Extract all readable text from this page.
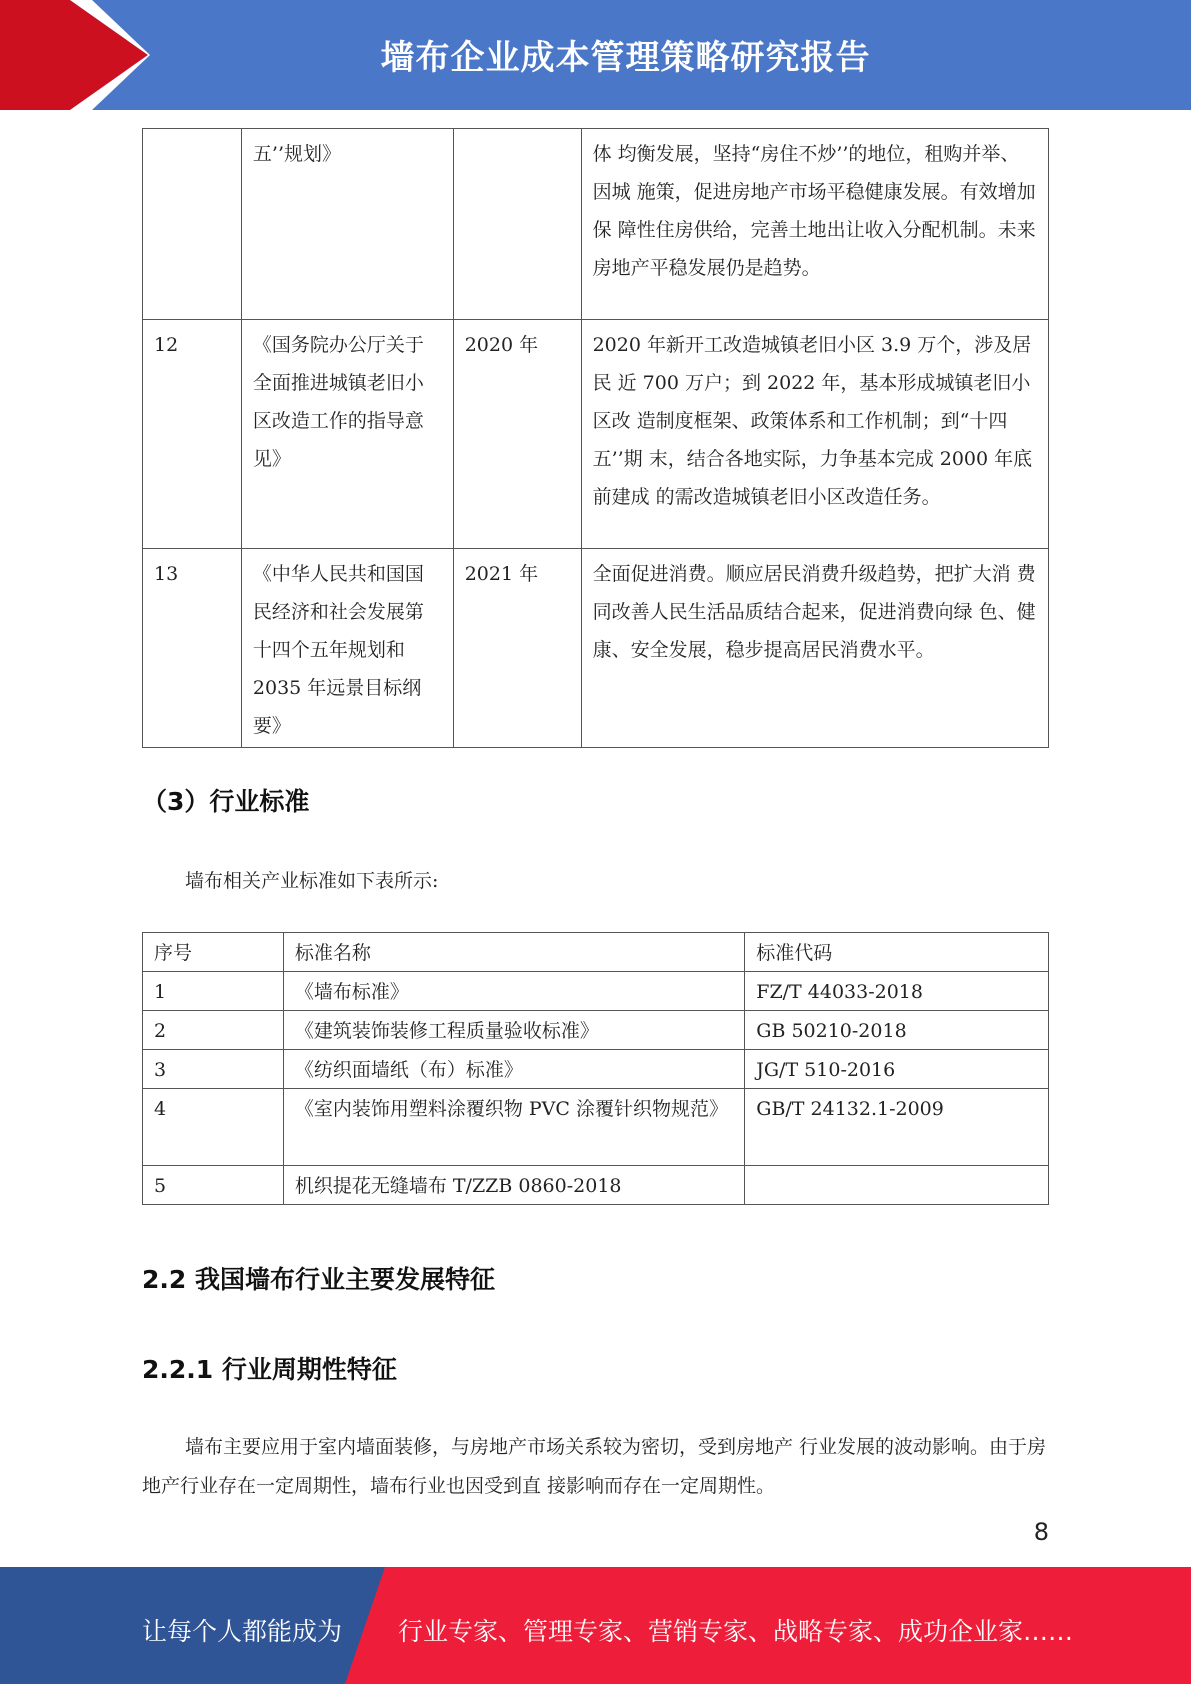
墙布企业成本管理策略研究报告
	五’’规划》		体 均衡发展，坚持“房住不炒’’的地位，租购并举、因城 施策，促进房地产市场平稳健康发展。有效增加保 障性住房供给，完善土地出让收入分配机制。未来 房地产平稳发展仍是趋势。
12	《国务院办公厅关于全面推进城镇老旧小区改造工作的指导意见》	2020 年	2020 年新开工改造城镇老旧小区 3.9 万个，涉及居民 近 700 万户；到 2022 年，基本形成城镇老旧小区改 造制度框架、政策体系和工作机制；到“十四五’’期 末，结合各地实际，力争基本完成 2000 年底前建成 的需改造城镇老旧小区改造任务。
13	《中华人民共和国国民经济和社会发展第十四个五年规划和 2035 年远景目标纲要》	2021 年	全面促进消费。顺应居民消费升级趋势，把扩大消 费同改善人民生活品质结合起来，促进消费向绿 色、健康、安全发展，稳步提高居民消费水平。
（3）行业标准
墙布相关产业标准如下表所示:
序号	标准名称	标准代码
1	《墙布标准》	FZ/T 44033-2018
2	《建筑装饰装修工程质量验收标准》	GB 50210-2018
3	《纺织面墙纸（布）标准》	JG/T 510-2016
4	《室内装饰用塑料涂覆织物 PVC 涂覆针织物规范》	GB/T 24132.1-2009
5	机织提花无缝墙布 T/ZZB 0860-2018	
2.2 我国墙布行业主要发展特征
2.2.1 行业周期性特征
墙布主要应用于室内墙面装修，与房地产市场关系较为密切，受到房地产 行业发展的波动影响。由于房地产行业存在一定周期性，墙布行业也因受到直 接影响而存在一定周期性。
8
让每个人都能成为 行业专家、管理专家、营销专家、战略专家、成功企业家……
